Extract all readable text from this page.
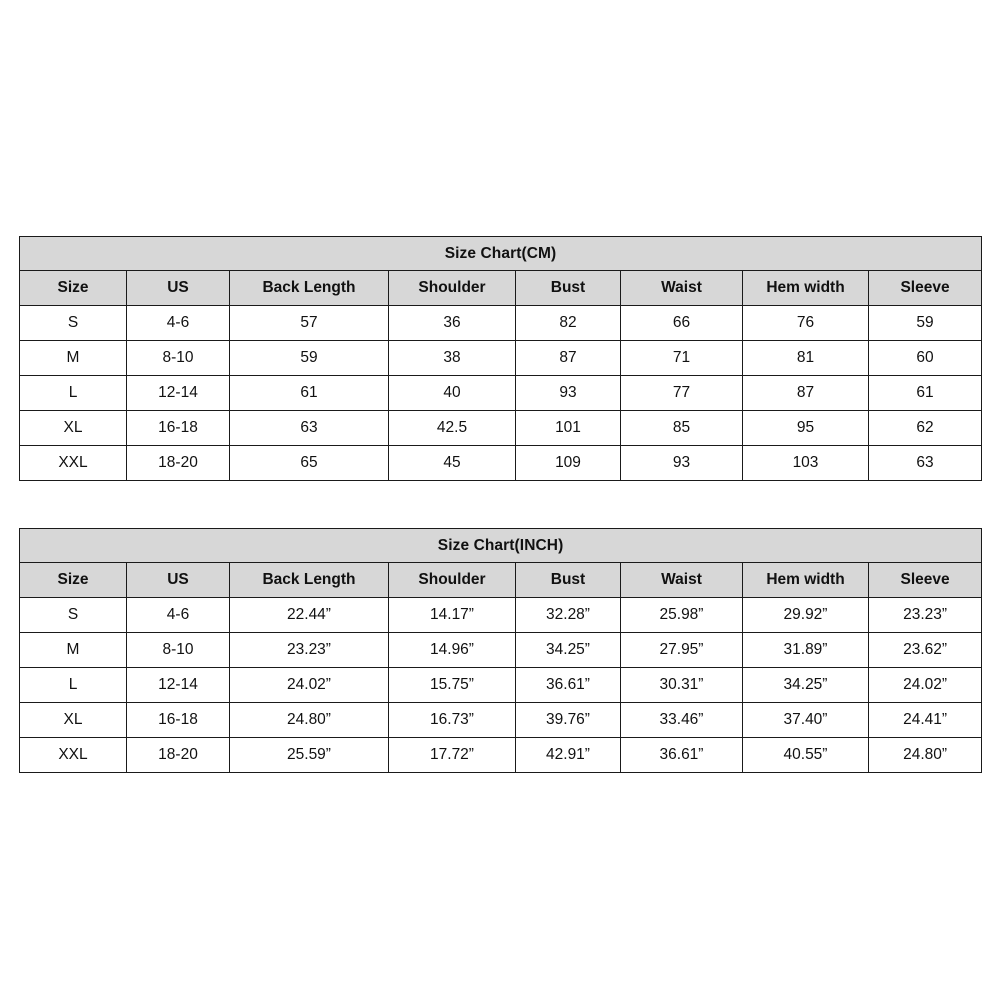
Size Chart(CM)							
Size	US	Back Length	Shoulder	Bust	Waist	Hem width	Sleeve
S	4-6	57	36	82	66	76	59
M	8-10	59	38	87	71	81	60
L	12-14	61	40	93	77	87	61
XL	16-18	63	42.5	101	85	95	62
XXL	18-20	65	45	109	93	103	63
Size Chart(INCH)							
Size	US	Back Length	Shoulder	Bust	Waist	Hem width	Sleeve
S	4-6	22.44”	14.17”	32.28”	25.98”	29.92”	23.23”
M	8-10	23.23”	14.96”	34.25”	27.95”	31.89”	23.62”
L	12-14	24.02”	15.75”	36.61”	30.31”	34.25”	24.02”
XL	16-18	24.80”	16.73”	39.76”	33.46”	37.40”	24.41”
XXL	18-20	25.59”	17.72”	42.91”	36.61”	40.55”	24.80”
